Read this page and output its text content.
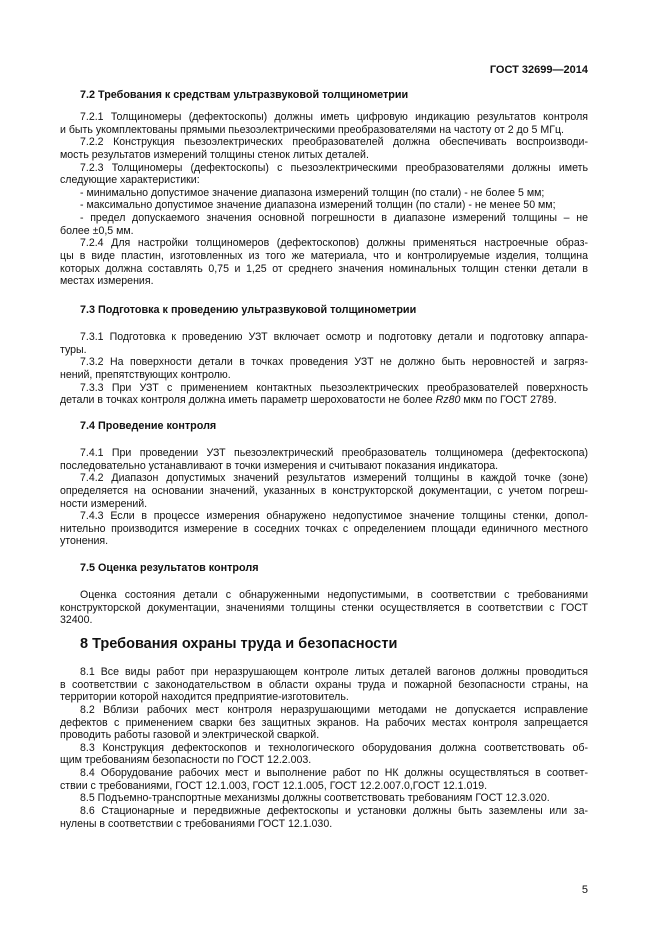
ГОСТ 32699—2014
7.2 Требования к средствам ультразвуковой толщинометрии
7.2.1 Толщиномеры (дефектоскопы) должны иметь цифровую индикацию результатов контроля
и быть укомплектованы прямыми пьезоэлектрическими преобразователями на частоту от 2 до 5 МГц.
7.2.2 Конструкция пьезоэлектрических преобразователей должна обеспечивать воспроизводи-
мость результатов измерений толщины стенок литых деталей.
7.2.3 Толщиномеры (дефектоскопы) с пьезоэлектрическими преобразователями должны иметь
следующие характеристики:
- минимально допустимое значение диапазона измерений толщин (по стали) - не более 5 мм;
- максимально допустимое значение диапазона измерений толщин (по стали) - не менее 50 мм;
- предел допускаемого значения основной погрешности в диапазоне измерений толщины – не
более ±0,5 мм.
7.2.4 Для настройки толщиномеров (дефектоскопов) должны применяться настроечные образ-
цы в виде пластин, изготовленных из того же материала, что и контролируемые изделия, толщина
которых должна составлять 0,75 и 1,25 от среднего значения номинальных толщин стенки детали в
местах измерения.
7.3 Подготовка к проведению ультразвуковой толщинометрии
7.3.1 Подготовка к проведению УЗТ включает осмотр и подготовку детали и подготовку аппара-
туры.
7.3.2 На поверхности детали в точках проведения УЗТ не должно быть неровностей и загряз-
нений, препятствующих контролю.
7.3.3 При УЗТ с применением контактных пьезоэлектрических преобразователей поверхность
детали в точках контроля должна иметь параметр шероховатости не более Rz80 мкм по ГОСТ 2789.
7.4 Проведение контроля
7.4.1 При проведении УЗТ пьезоэлектрический преобразователь толщиномера (дефектоскопа)
последовательно устанавливают в точки измерения и считывают показания индикатора.
7.4.2 Диапазон допустимых значений результатов измерений толщины в каждой точке (зоне)
определяется на основании значений, указанных в конструкторской документации, с учетом погреш-
ности измерений.
7.4.3 Если в процессе измерения обнаружено недопустимое значение толщины стенки, допол-
нительно производится измерение в соседних точках с определением площади единичного местного
утонения.
7.5 Оценка результатов контроля
Оценка состояния детали с обнаруженными недопустимыми, в соответствии с требованиями
конструкторской документации, значениями толщины стенки осуществляется в соответствии с ГОСТ
32400.
8 Требования охраны труда и безопасности
8.1 Все виды работ при неразрушающем контроле литых деталей вагонов должны проводиться
в соответствии с законодательством в области охраны труда и пожарной безопасности страны, на
территории которой находится предприятие-изготовитель.
8.2 Вблизи рабочих мест контроля неразрушающими методами не допускается исправление
дефектов с применением сварки без защитных экранов. На рабочих местах контроля запрещается
проводить работы газовой и электрической сваркой.
8.3 Конструкция дефектоскопов и технологического оборудования должна соответствовать об-
щим требованиям безопасности по ГОСТ 12.2.003.
8.4 Оборудование рабочих мест и выполнение работ по НК должны осуществляться в соответ-
ствии с требованиями, ГОСТ 12.1.003, ГОСТ 12.1.005, ГОСТ 12.2.007.0,ГОСТ 12.1.019.
8.5 Подъемно-транспортные механизмы должны соответствовать требованиям ГОСТ 12.3.020.
8.6 Стационарные и передвижные дефектоскопы и установки должны быть заземлены или за-
нулены в соответствии с требованиями ГОСТ 12.1.030.
5
